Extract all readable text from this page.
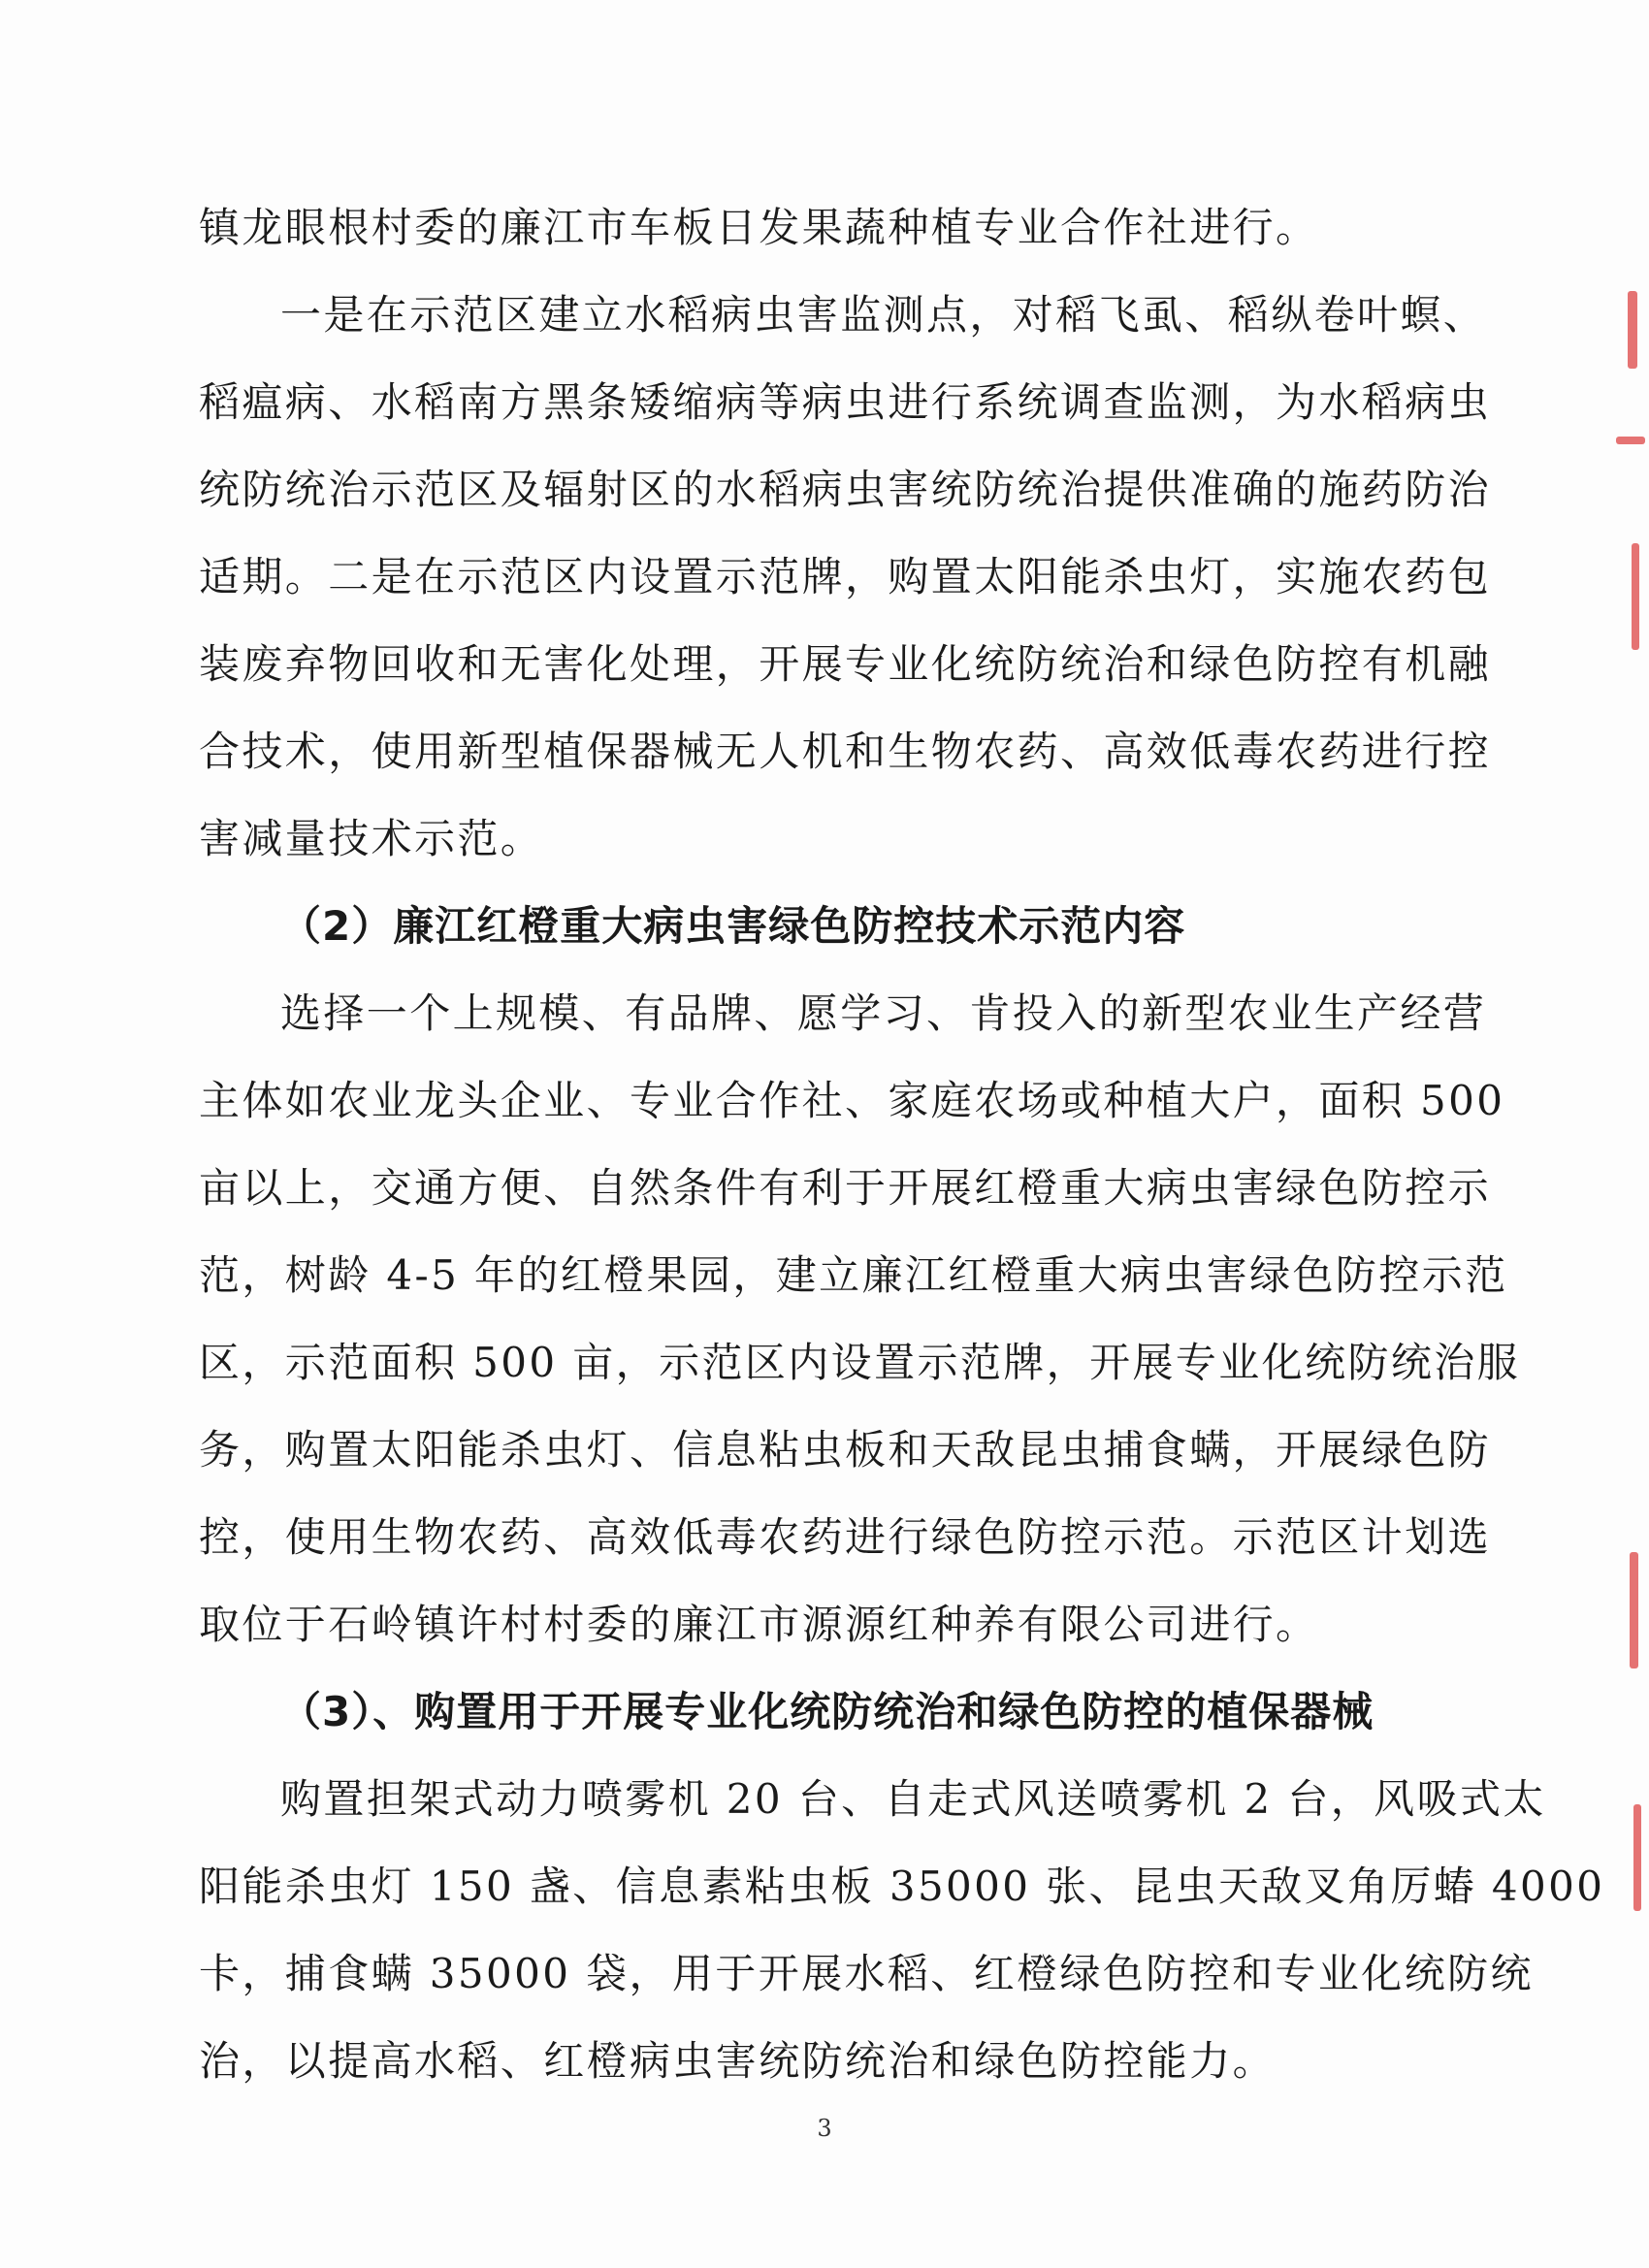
镇龙眼根村委的廉江市车板日发果蔬种植专业合作社进行。
一是在示范区建立水稻病虫害监测点，对稻飞虱、稻纵卷叶螟、
稻瘟病、水稻南方黑条矮缩病等病虫进行系统调查监测，为水稻病虫
统防统治示范区及辐射区的水稻病虫害统防统治提供准确的施药防治
适期。二是在示范区内设置示范牌，购置太阳能杀虫灯，实施农药包
装废弃物回收和无害化处理，开展专业化统防统治和绿色防控有机融
合技术，使用新型植保器械无人机和生物农药、高效低毒农药进行控
害减量技术示范。
（2）廉江红橙重大病虫害绿色防控技术示范内容
选择一个上规模、有品牌、愿学习、肯投入的新型农业生产经营
主体如农业龙头企业、专业合作社、家庭农场或种植大户，面积 500
亩以上，交通方便、自然条件有利于开展红橙重大病虫害绿色防控示
范，树龄 4-5 年的红橙果园，建立廉江红橙重大病虫害绿色防控示范
区，示范面积 500 亩，示范区内设置示范牌，开展专业化统防统治服
务，购置太阳能杀虫灯、信息粘虫板和天敌昆虫捕食螨，开展绿色防
控，使用生物农药、高效低毒农药进行绿色防控示范。示范区计划选
取位于石岭镇许村村委的廉江市源源红种养有限公司进行。
（3）、购置用于开展专业化统防统治和绿色防控的植保器械
购置担架式动力喷雾机 20 台、自走式风送喷雾机 2 台，风吸式太
阳能杀虫灯 150 盏、信息素粘虫板 35000 张、昆虫天敌叉角厉蝽 4000
卡，捕食螨 35000 袋，用于开展水稻、红橙绿色防控和专业化统防统
治，以提高水稻、红橙病虫害统防统治和绿色防控能力。
3
